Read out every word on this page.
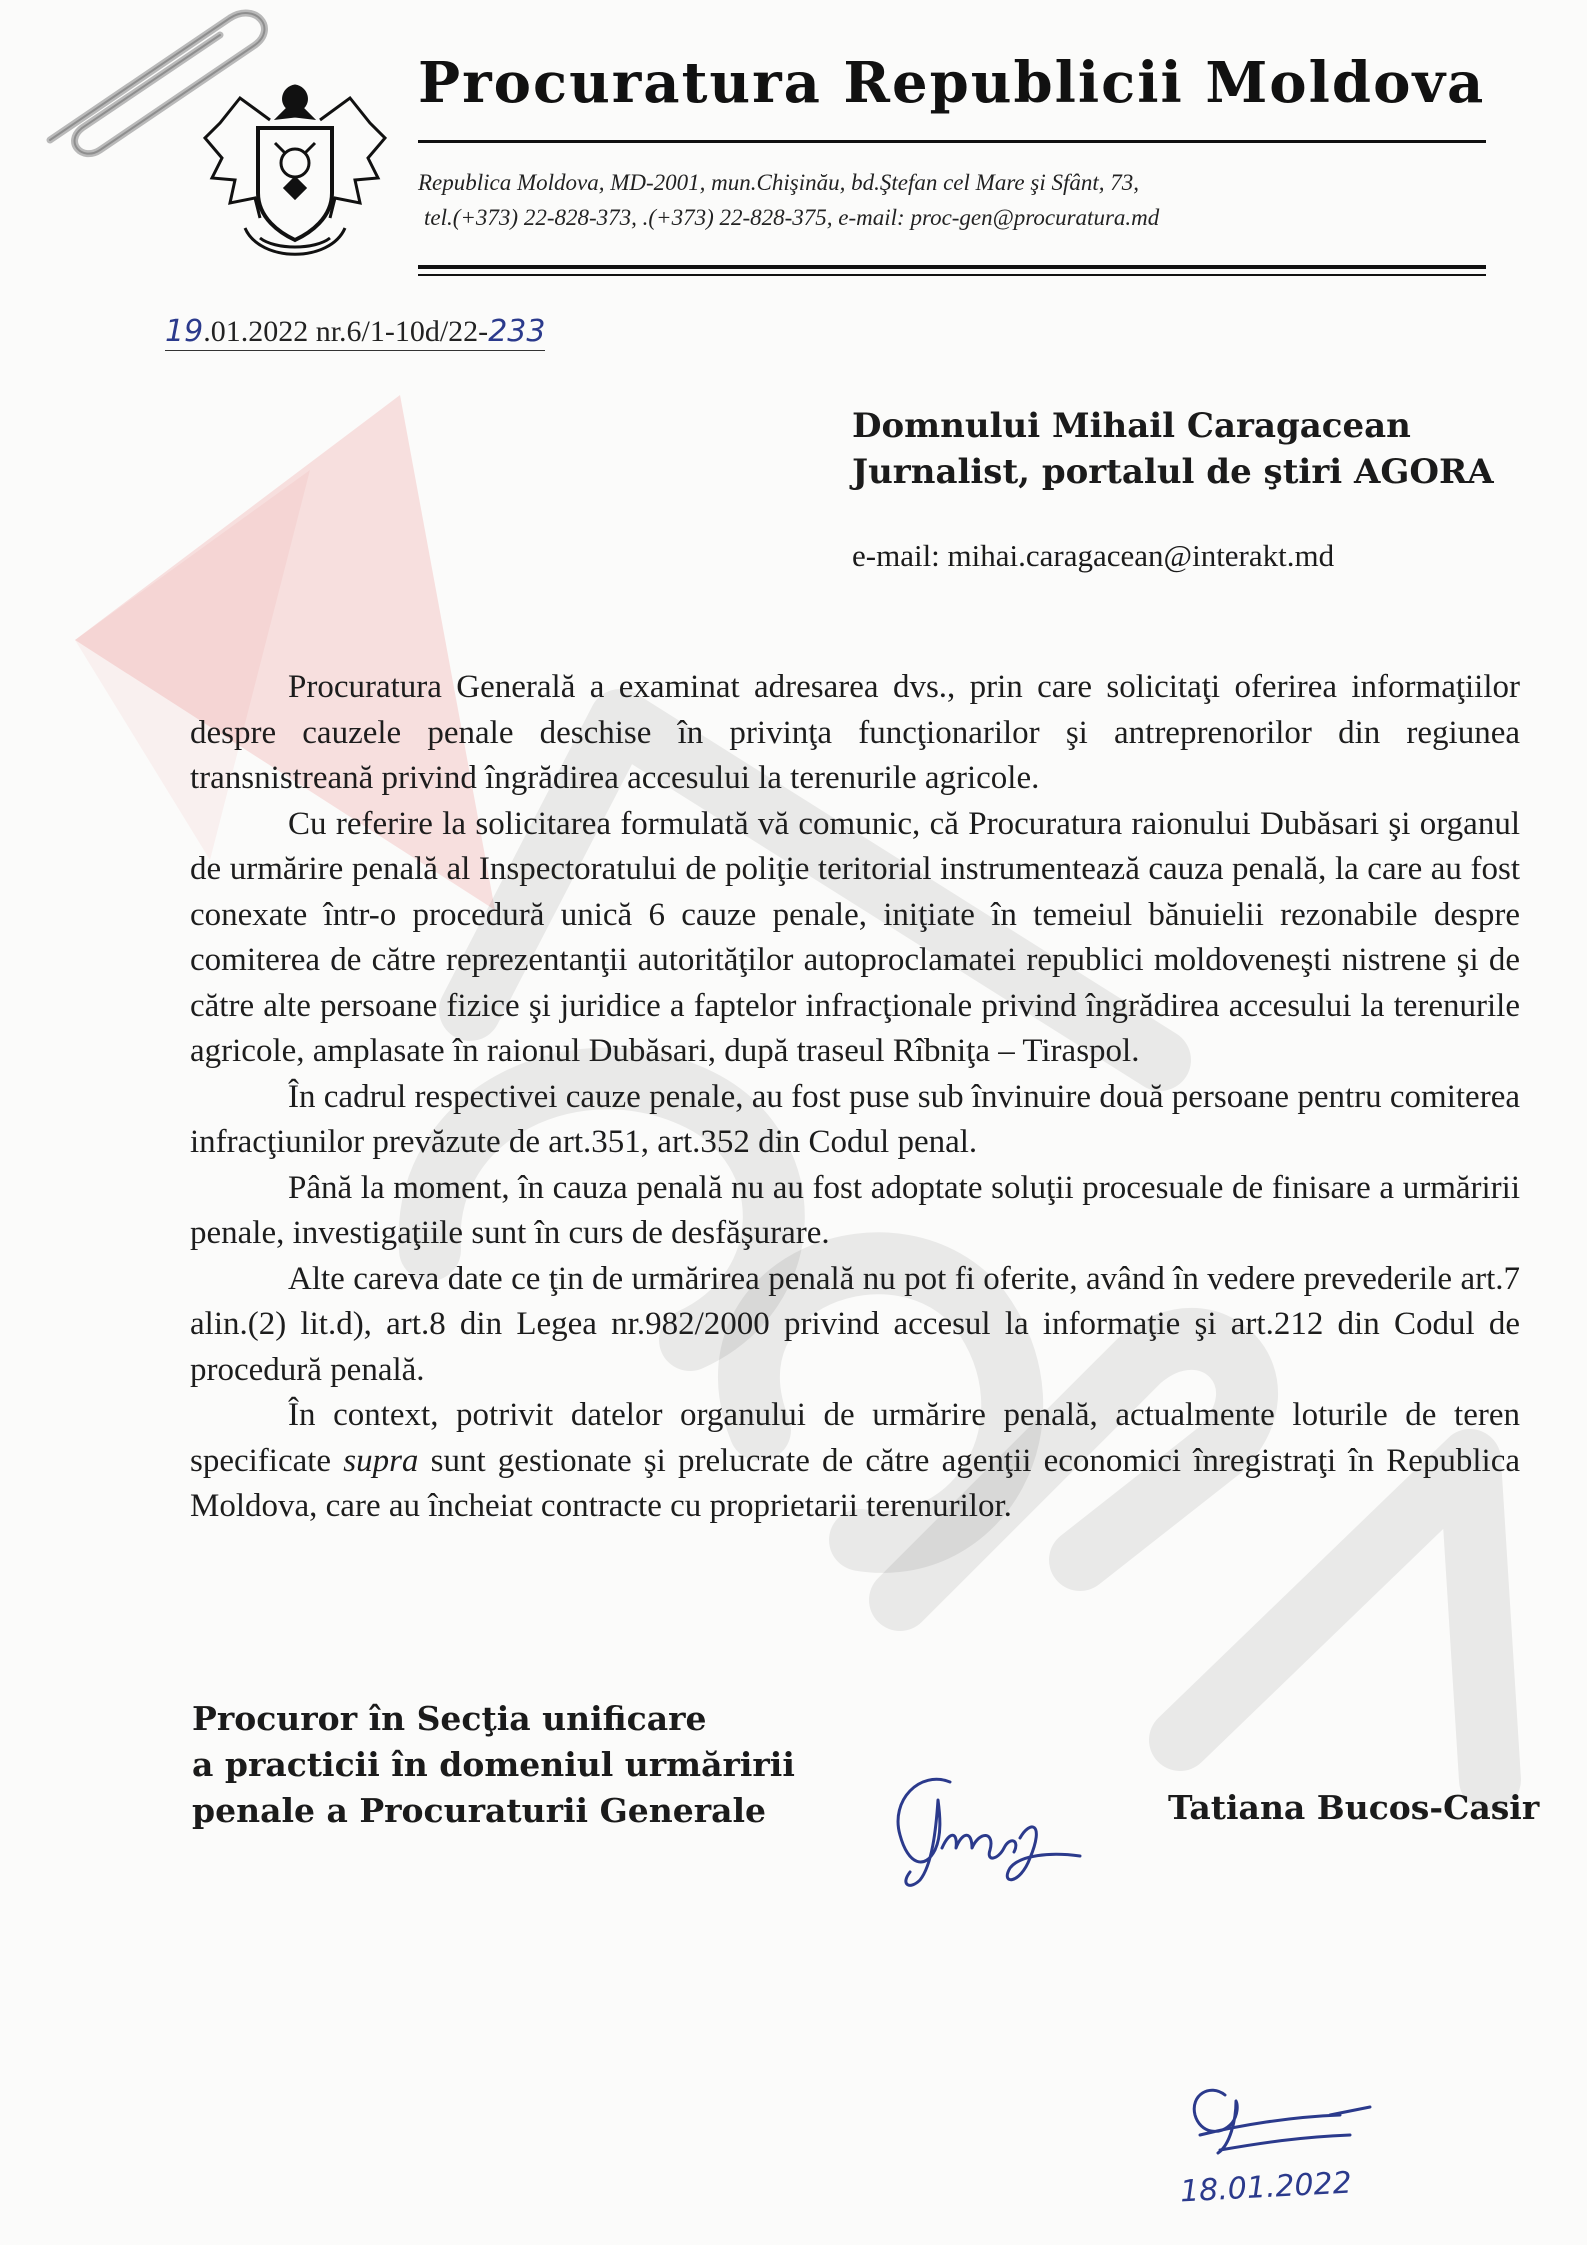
Procuratura Republicii Moldova
Republica Moldova, MD-2001, mun.Chişinău, bd.Ştefan cel Mare şi Sfânt, 73,
tel.(+373) 22-828-373, .(+373) 22-828-375, e-mail: proc-gen@procuratura.md
19.01.2022 nr.6/1-10d/22-233
Domnului Mihail Caragacean
Jurnalist, portalul de ştiri AGORA
e-mail: mihai.caragacean@interakt.md

Procuratura Generală a examinat adresarea dvs., prin care solicitaţi oferirea informaţiilor despre cauzele penale deschise în privinţa funcţionarilor şi antreprenorilor din regiunea transnistreană privind îngrădirea accesului la terenurile agricole.

Cu referire la solicitarea formulată vă comunic, că Procuratura raionului Dubăsari şi organul de urmărire penală al Inspectoratului de poliţie teritorial instrumentează cauza penală, la care au fost conexate într-o procedură unică 6 cauze penale, iniţiate în temeiul bănuielii rezonabile despre comiterea de către reprezentanţii autorităţilor autoproclamatei republici moldoveneşti nistrene şi de către alte persoane fizice şi juridice a faptelor infracţionale privind îngrădirea accesului la terenurile agricole, amplasate în raionul Dubăsari, după traseul Rîbniţa – Tiraspol.

În cadrul respectivei cauze penale, au fost puse sub învinuire două persoane pentru comiterea infracţiunilor prevăzute de art.351, art.352 din Codul penal.

Până la moment, în cauza penală nu au fost adoptate soluţii procesuale de finisare a urmăririi penale, investigaţiile sunt în curs de desfăşurare.

Alte careva date ce ţin de urmărirea penală nu pot fi oferite, având în vedere prevederile art.7 alin.(2) lit.d), art.8 din Legea nr.982/2000 privind accesul la informaţie şi art.212 din Codul de procedură penală.

În context, potrivit datelor organului de urmărire penală, actualmente loturile de teren specificate supra sunt gestionate şi prelucrate de către agenţii economici înregistraţi în Republica Moldova, care au încheiat contracte cu proprietarii terenurilor.

Procuror în Secţia unificare
a practicii în domeniul urmăririi
penale a Procuraturii Generale	Tatiana Bucos-Casir
18.01.2022
